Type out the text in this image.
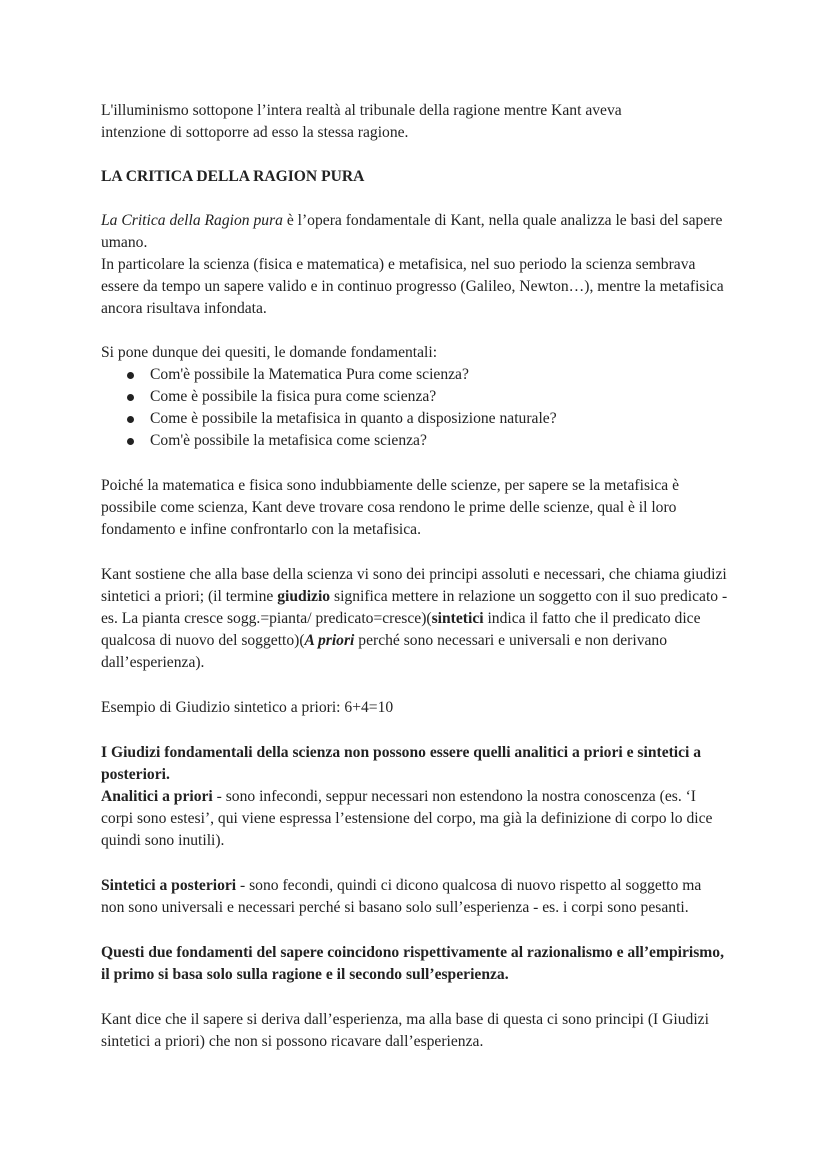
L'illuminismo sottopone l’intera realtà al tribunale della ragione mentre Kant aveva
intenzione di sottoporre ad esso la stessa ragione.

LA CRITICA DELLA RAGION PURA

La Critica della Ragion pura è l’opera fondamentale di Kant, nella quale analizza le basi del sapere umano.
In particolare la scienza (fisica e matematica) e metafisica, nel suo periodo la scienza sembrava essere da tempo un sapere valido e in continuo progresso (Galileo, Newton…), mentre la metafisica ancora risultava infondata.

Si pone dunque dei quesiti, le domande fondamentali:

Com'è possibile la Matematica Pura come scienza?
Come è possibile la fisica pura come scienza?
Come è possibile la metafisica in quanto a disposizione naturale?
Com'è possibile la metafisica come scienza?

Poiché la matematica e fisica sono indubbiamente delle scienze, per sapere se la metafisica è possibile come scienza, Kant deve trovare cosa rendono le prime delle scienze, qual è il loro fondamento e infine confrontarlo con la metafisica.

Kant sostiene che alla base della scienza vi sono dei principi assoluti e necessari, che chiama giudizi sintetici a priori; (il termine giudizio significa mettere in relazione un soggetto con il suo predicato - es. La pianta cresce sogg.=pianta/ predicato=cresce)(sintetici indica il fatto che il predicato dice qualcosa di nuovo del soggetto)(A priori perché sono necessari e universali e non derivano dall’esperienza).

Esempio di Giudizio sintetico a priori: 6+4=10

I Giudizi fondamentali della scienza non possono essere quelli analitici a priori e sintetici a posteriori.

Analitici a priori - sono infecondi, seppur necessari non estendono la nostra conoscenza (es. ‘I corpi sono estesi’, qui viene espressa l’estensione del corpo, ma già la definizione di corpo lo dice quindi sono inutili).

Sintetici a posteriori - sono fecondi, quindi ci dicono qualcosa di nuovo rispetto al soggetto ma non sono universali e necessari perché si basano solo sull’esperienza - es. i corpi sono pesanti.

Questi due fondamenti del sapere coincidono rispettivamente al razionalismo e all’empirismo, il primo si basa solo sulla ragione e il secondo sull’esperienza.

Kant dice che il sapere si deriva dall’esperienza, ma alla base di questa ci sono principi (I Giudizi sintetici a priori) che non si possono ricavare dall’esperienza.
